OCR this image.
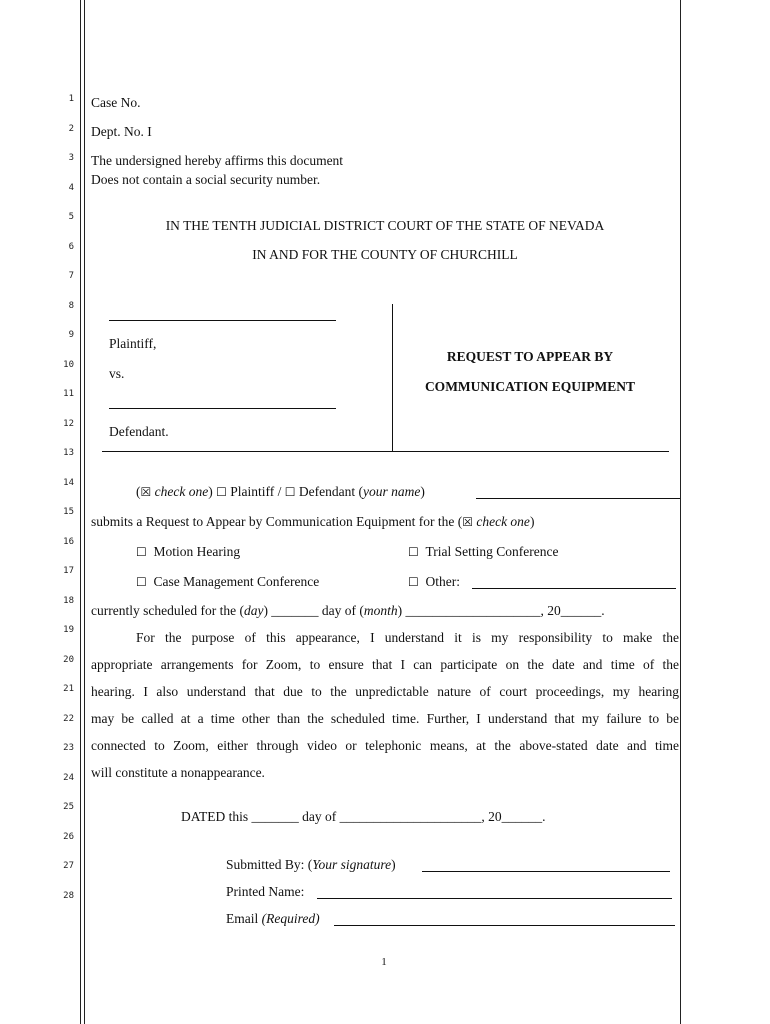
1
2
3
4
5
6
7
8
9
10
11
12
13
14
15
16
17
18
19
20
21
22
23
24
25
26
27
28
Case No.
Dept. No. I
The undersigned hereby affirms this document
Does not contain a social security number.
IN THE TENTH JUDICIAL DISTRICT COURT OF THE STATE OF NEVADA
IN AND FOR THE COUNTY OF CHURCHILL
Plaintiff,
vs.
Defendant.
REQUEST TO APPEAR BY
COMMUNICATION EQUIPMENT
(☒ check one) ☐ Plaintiff / ☐ Defendant (your name)
submits a Request to Appear by Communication Equipment for the (☒ check one)
☐ Motion Hearing	☐ Trial Setting Conference
☐ Case Management Conference	☐ Other:
currently scheduled for the (day) _______ day of (month) ____________________, 20______.
For the purpose of this appearance, I understand it is my responsibility to make the
appropriate arrangements for Zoom, to ensure that I can participate on the date and time of the
hearing. I also understand that due to the unpredictable nature of court proceedings, my hearing
may be called at a time other than the scheduled time. Further, I understand that my failure to be
connected to Zoom, either through video or telephonic means, at the above-stated date and time
will constitute a nonappearance.
DATED this _______ day of _____________________, 20______.
Submitted By: (Your signature)
Printed Name:
Email (Required)
1
